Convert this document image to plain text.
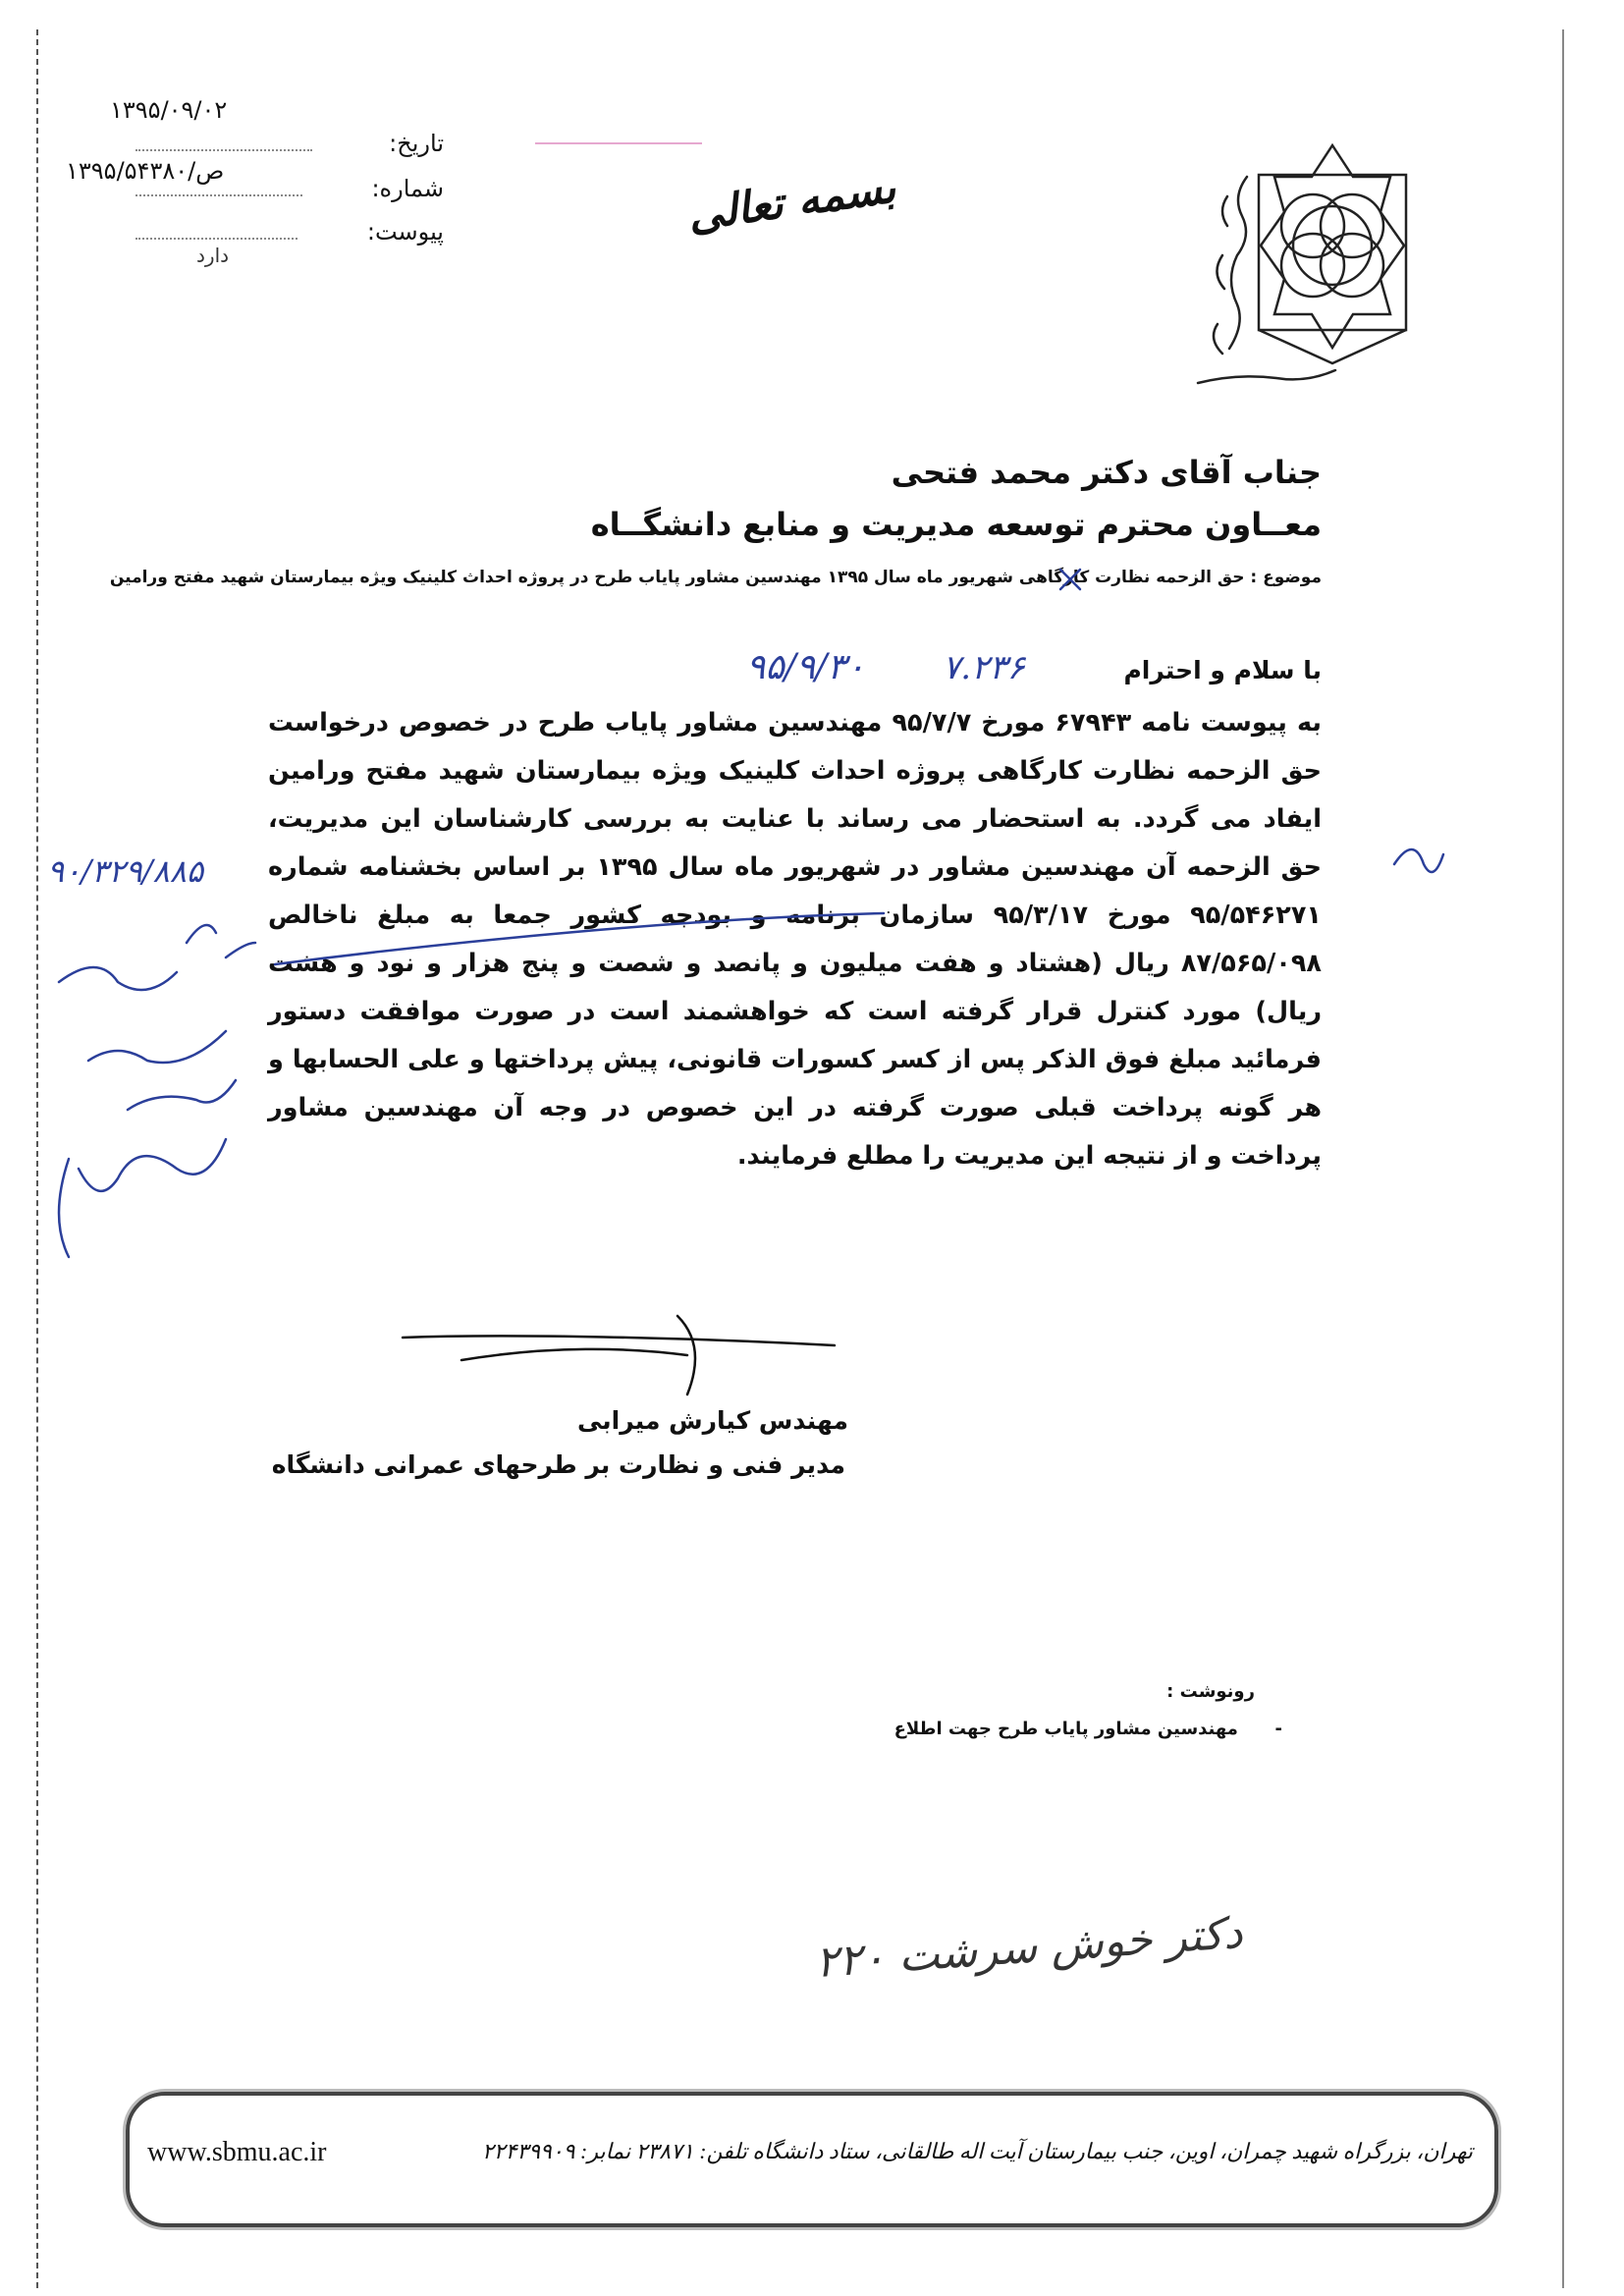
۱۳۹۵/۰۹/۰۲
تاریخ:
۱۳۹۵/ص/۵۴۳۸۰
شماره:
پیوست:
دارد
بسمه تعالی
جناب آقای دکتر محمد فتحی
معــاون محترم توسعه مدیریت و منابع دانشگــاه
موضوع : حق الزحمه نظارت کارگاهی شهریور ماه سال ۱۳۹۵ مهندسین مشاور پایاب طرح در پروژه احداث کلینیک ویژه بیمارستان شهید مفتح ورامین
با سلام و احترام
۹۵/۹/۳۰ ۷.۲۳۶
به پیوست نامه ۶۷۹۴۳ مورخ ۹۵/۷/۷ مهندسین مشاور پایاب طرح در خصوص درخواست حق الزحمه نظارت کارگاهی پروژه احداث کلینیک ویژه بیمارستان شهید مفتح ورامین ایفاد می گردد. به استحضار می رساند با عنایت به بررسی کارشناسان این مدیریت، حق الزحمه آن مهندسین مشاور در شهریور ماه سال ۱۳۹۵ بر اساس بخشنامه شماره ۹۵/۵۴۶۲۷۱ مورخ ۹۵/۳/۱۷ سازمان برنامه و بودجه کشور جمعا به مبلغ ناخالص ۸۷/۵۶۵/۰۹۸ ریال (هشتاد و هفت میلیون و پانصد و شصت و پنج هزار و نود و هشت ریال) مورد کنترل قرار گرفته است که خواهشمند است در صورت موافقت دستور فرمائید مبلغ فوق الذکر پس از کسر کسورات قانونی، پیش پرداختها و علی الحسابها و هر گونه پرداخت قبلی صورت گرفته در این خصوص در وجه آن مهندسین مشاور پرداخت و از نتیجه این مدیریت را مطلع فرمایند.
۹۰/۳۲۹/۸۸۵
مهندس کیارش میرابی
مدیر فنی و نظارت بر طرحهای عمرانی دانشگاه
رونوشت :
-      مهندسین مشاور پایاب طرح جهت اطلاع
۲۲۰ دکتر خوش سرشت
www.sbmu.ac.ir	تهران، بزرگراه شهید چمران، اوین، جنب بیمارستان آیت اله طالقانی، ستاد دانشگاه تلفن: ۲۳۸۷۱ نمابر: ۲۲۴۳۹۹۰۹
